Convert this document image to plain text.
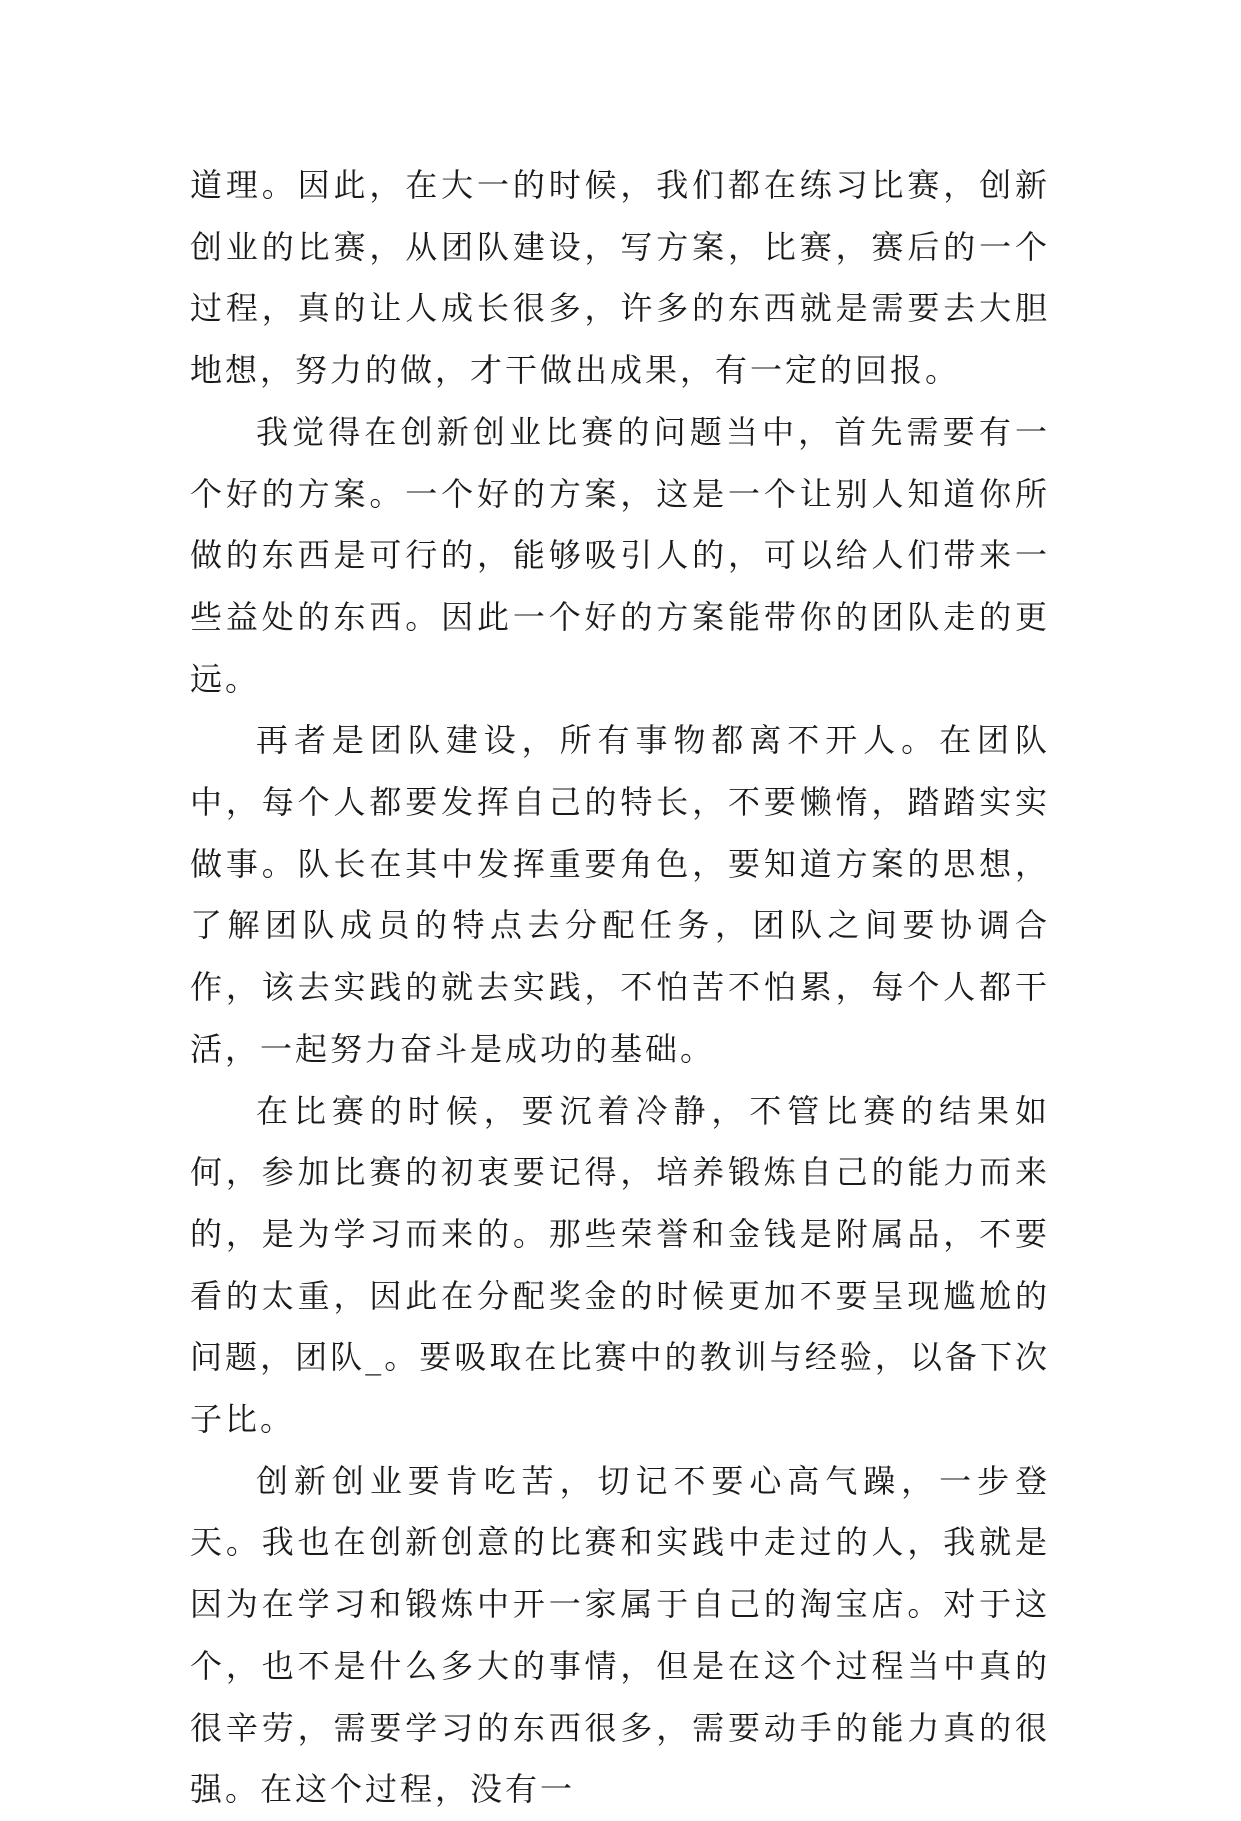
道理。因此，在大一的时候，我们都在练习比赛，创新创业的比赛，从团队建设，写方案，比赛，赛后的一个过程，真的让人成长很多，许多的东西就是需要去大胆地想，努力的做，才干做出成果，有一定的回报。

我觉得在创新创业比赛的问题当中，首先需要有一个好的方案。一个好的方案，这是一个让别人知道你所做的东西是可行的，能够吸引人的，可以给人们带来一些益处的东西。因此一个好的方案能带你的团队走的更远。

再者是团队建设，所有事物都离不开人。在团队中，每个人都要发挥自己的特长，不要懒惰，踏踏实实做事。队长在其中发挥重要角色，要知道方案的思想，了解团队成员的特点去分配任务，团队之间要协调合作，该去实践的就去实践，不怕苦不怕累，每个人都干活，一起努力奋斗是成功的基础。

在比赛的时候，要沉着冷静，不管比赛的结果如何，参加比赛的初衷要记得，培养锻炼自己的能力而来的，是为学习而来的。那些荣誉和金钱是附属品，不要看的太重，因此在分配奖金的时候更加不要呈现尴尬的问题，团队_。要吸取在比赛中的教训与经验，以备下次子比。

创新创业要肯吃苦，切记不要心高气躁，一步登天。我也在创新创意的比赛和实践中走过的人，我就是因为在学习和锻炼中开一家属于自己的淘宝店。对于这个，也不是什么多大的事情，但是在这个过程当中真的很辛劳，需要学习的东西很多，需要动手的能力真的很强。在这个过程，没有一
